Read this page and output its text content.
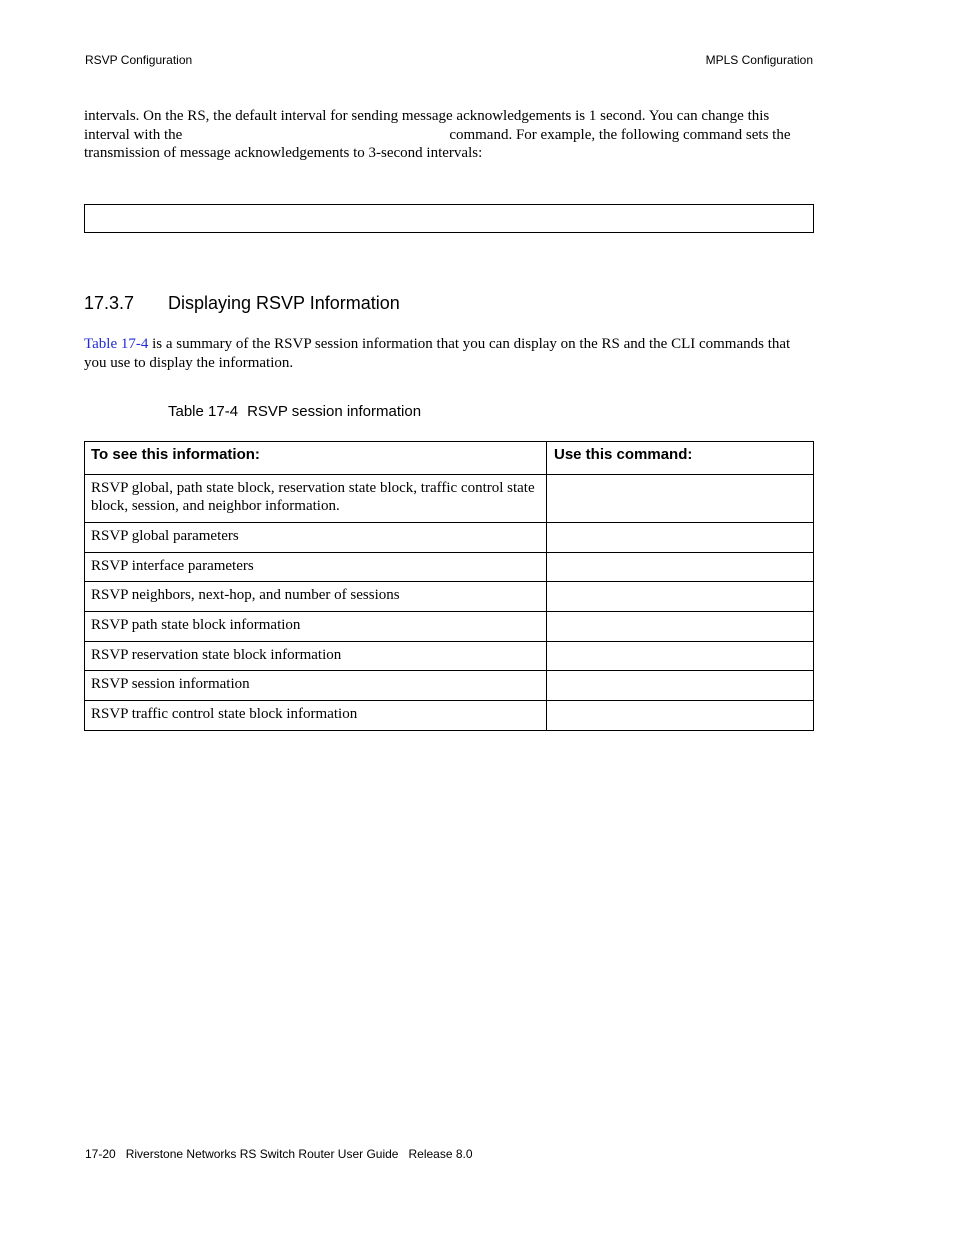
RSVP Configuration	MPLS Configuration
intervals. On the RS, the default interval for sending message acknowledgements is 1 second. You can change this
interval with the	command. For example, the following command sets the
transmission of message acknowledgements to 3-second intervals:
17.3.7 Displaying RSVP Information
Table 17-4 is a summary of the RSVP session information that you can display on the RS and the CLI commands that you use to display the information.
Table 17-4 RSVP session information
To see this information:	Use this command:
RSVP global, path state block, reservation state block, traffic control state block, session, and neighbor information.	
RSVP global parameters	
RSVP interface parameters	
RSVP neighbors, next-hop, and number of sessions	
RSVP path state block information	
RSVP reservation state block information	
RSVP session information	
RSVP traffic control state block information	
17-20 Riverstone Networks RS Switch Router User Guide Release 8.0
